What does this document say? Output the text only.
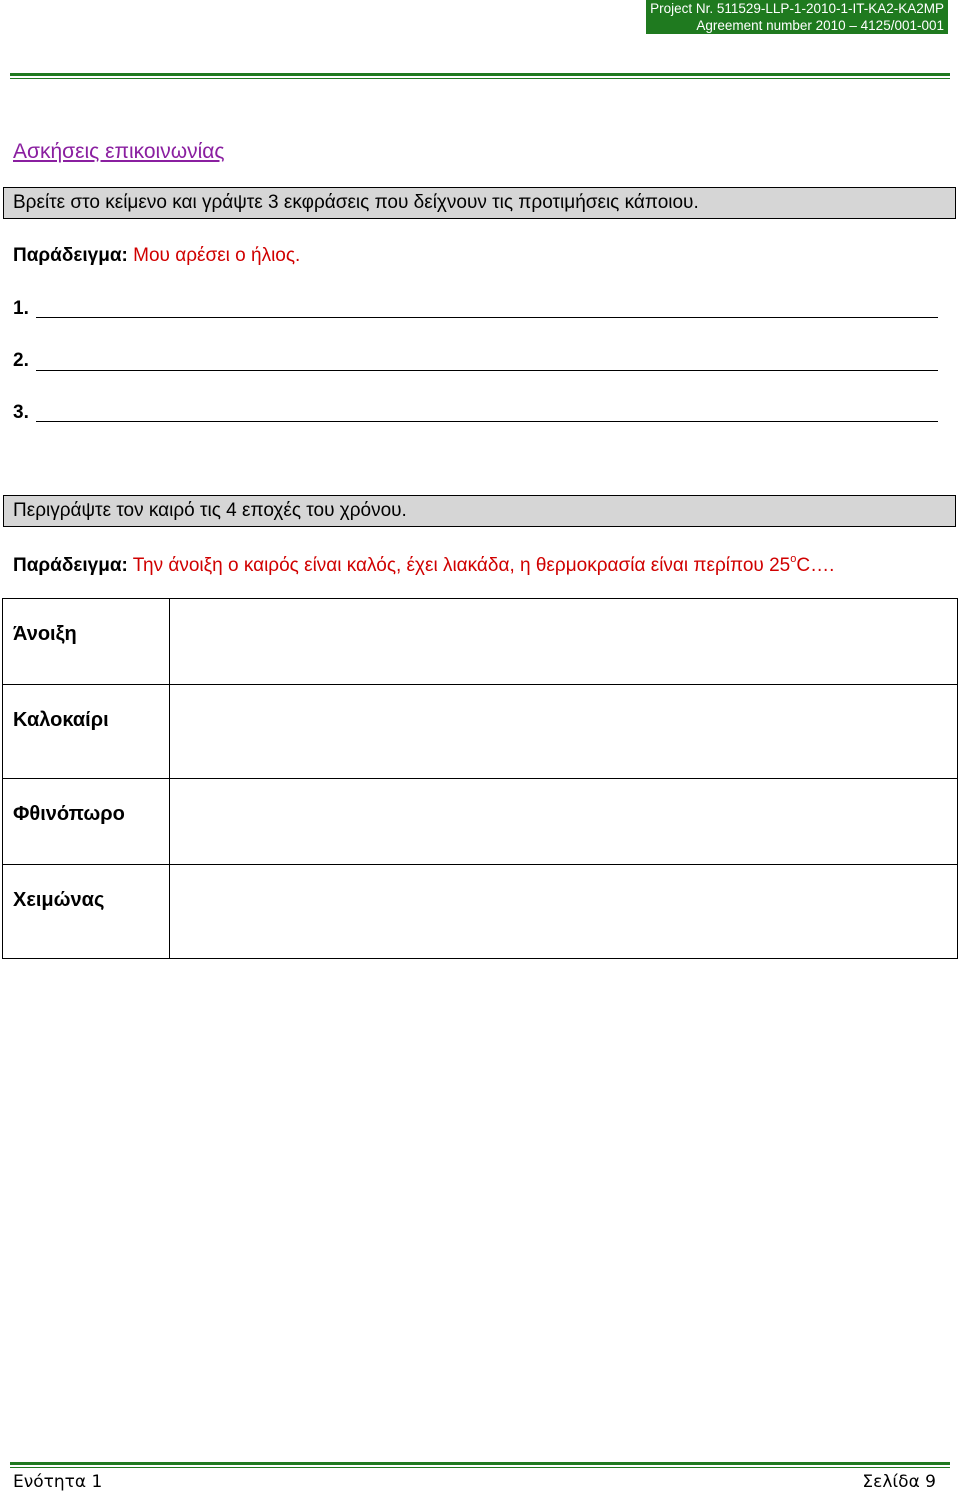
Project Nr. 511529-LLP-1-2010-1-IT-KA2-KA2MP
Agreement number 2010 – 4125/001-001
Ασκήσεις επικοινωνίας
Βρείτε στο κείμενο και γράψτε 3 εκφράσεις που δείχνουν τις προτιμήσεις κάποιου.
Παράδειγμα: Μου αρέσει ο ήλιος.
1.
2.
3.
Περιγράψτε τον καιρό τις 4 εποχές του χρόνου.
Παράδειγμα: Την άνοιξη ο καιρός είναι καλός, έχει λιακάδα, η θερμοκρασία είναι περίπου $25^oC\dots$.
Άνοιξη	
Καλοκαίρι	
Φθινόπωρο	
Χειμώνας	
Ενότητα 1	Σελίδα 9
